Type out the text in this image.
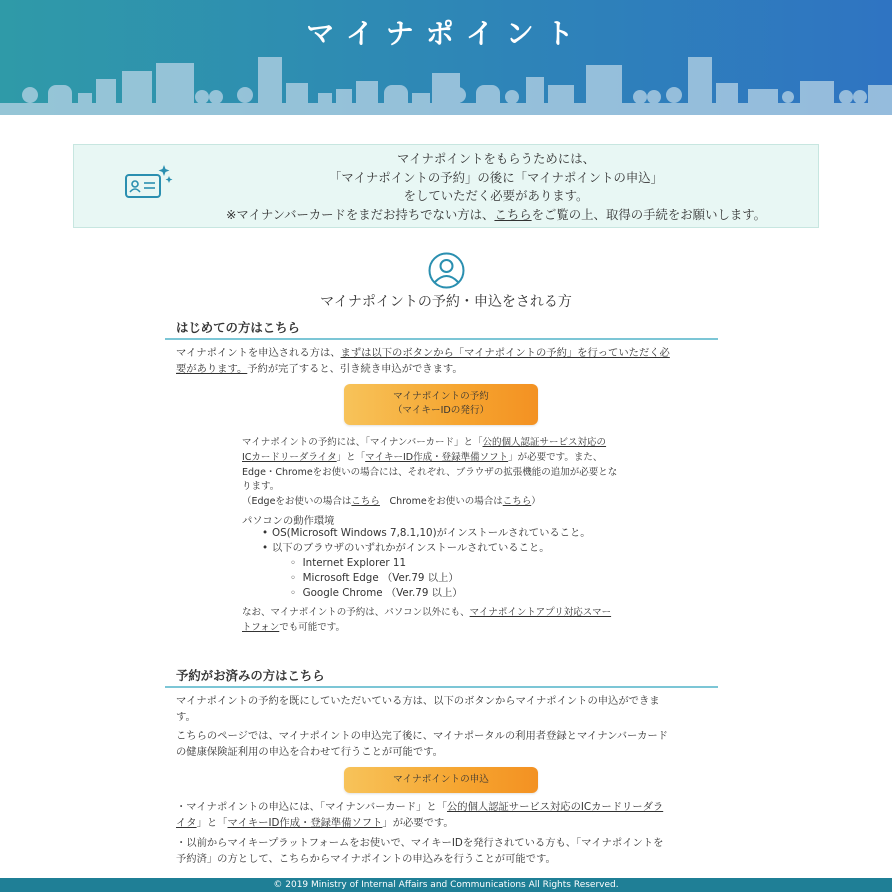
マイナポイント
マイナポイントをもらうためには、
「マイナポイントの予約」の後に「マイナポイントの申込」
をしていただく必要があります。
※マイナンバーカードをまだお持ちでない方は、こちらをご覧の上、取得の手続をお願いします。
マイナポイントの予約・申込をされる方
はじめての方はこちら
マイナポイントを申込される方は、まずは以下のボタンから「マイナポイントの予約」を行っていただく必
要があります。予約が完了すると、引き続き申込ができます。
マイナポイントの予約
（マイキーIDの発行）
マイナポイントの予約には、「マイナンバーカード」と「公的個人認証サービス対応の
ICカードリーダライタ」と「マイキーID作成・登録準備ソフト」が必要です。また、
Edge・Chromeをお使いの場合には、それぞれ、ブラウザの拡張機能の追加が必要とな
ります。
（Edgeをお使いの場合はこちら　Chromeをお使いの場合はこちら）
パソコンの動作環境
• OS(Microsoft Windows 7,8.1,10)がインストールされていること。
• 以下のブラウザのいずれかがインストールされていること。
◦  Internet Explorer 11
◦  Microsoft Edge （Ver.79 以上）
◦  Google Chrome （Ver.79 以上）
なお、マイナポイントの予約は、パソコン以外にも、マイナポイントアプリ対応スマー
トフォンでも可能です。
予約がお済みの方はこちら
マイナポイントの予約を既にしていただいている方は、以下のボタンからマイナポイントの申込ができま
す。
こちらのページでは、マイナポイントの申込完了後に、マイナポータルの利用者登録とマイナンバーカード
の健康保険証利用の申込を合わせて行うことが可能です。
マイナポイントの申込
・マイナポイントの申込には、「マイナンバーカード」と「公的個人認証サービス対応のICカードリーダラ
イタ」と「マイキーID作成・登録準備ソフト」が必要です。
・以前からマイキープラットフォームをお使いで、マイキーIDを発行されている方も、「マイナポイントを
予約済」の方として、こちらからマイナポイントの申込みを行うことが可能です。
© 2019 Ministry of Internal Affairs and Communications All Rights Reserved.
